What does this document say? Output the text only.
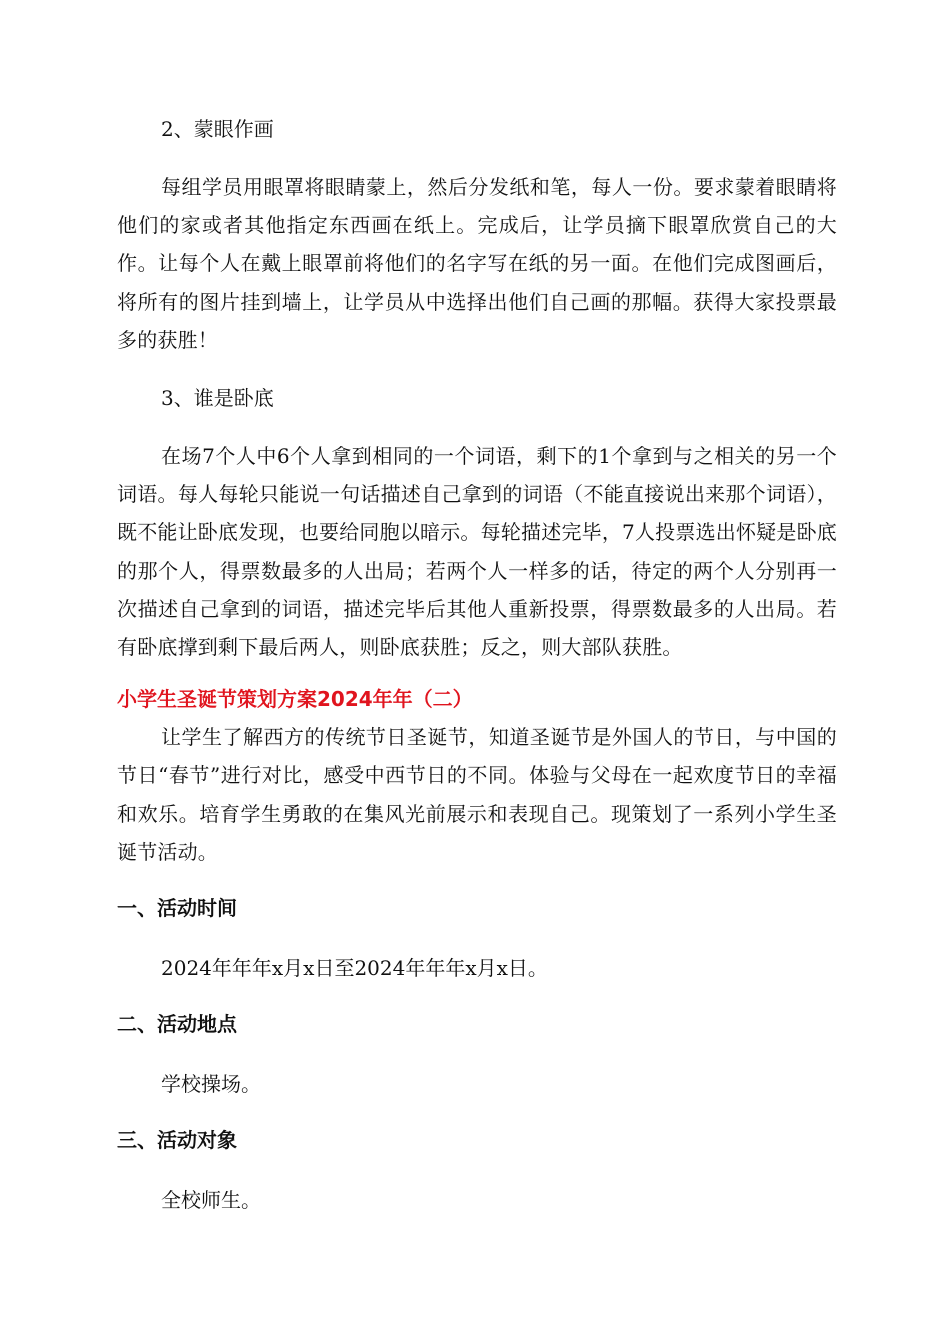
2、蒙眼作画

每组学员用眼罩将眼睛蒙上，然后分发纸和笔，每人一份。要求蒙着眼睛将他们的家或者其他指定东西画在纸上。完成后，让学员摘下眼罩欣赏自己的大作。让每个人在戴上眼罩前将他们的名字写在纸的另一面。在他们完成图画后，将所有的图片挂到墙上，让学员从中选择出他们自己画的那幅。获得大家投票最多的获胜！

3、谁是卧底

在场7个人中6个人拿到相同的一个词语，剩下的1个拿到与之相关的另一个词语。每人每轮只能说一句话描述自己拿到的词语（不能直接说出来那个词语），既不能让卧底发现，也要给同胞以暗示。每轮描述完毕，7人投票选出怀疑是卧底的那个人，得票数最多的人出局；若两个人一样多的话，待定的两个人分别再一次描述自己拿到的词语，描述完毕后其他人重新投票，得票数最多的人出局。若有卧底撑到剩下最后两人，则卧底获胜；反之，则大部队获胜。

小学生圣诞节策划方案2024年年（二）

让学生了解西方的传统节日圣诞节，知道圣诞节是外国人的节日，与中国的节日“春节”进行对比，感受中西节日的不同。体验与父母在一起欢度节日的幸福和欢乐。培育学生勇敢的在集风光前展示和表现自己。现策划了一系列小学生圣诞节活动。

一、活动时间

2024年年年x月x日至2024年年年x月x日。

二、活动地点

学校操场。

三、活动对象

全校师生。
